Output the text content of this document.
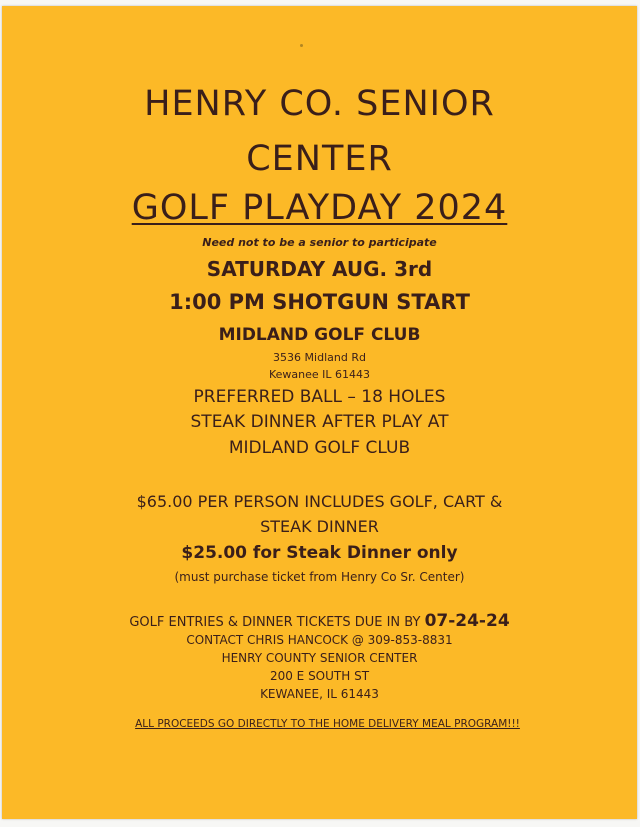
HENRY CO. SENIOR
CENTER
GOLF PLAYDAY 2024
Need not to be a senior to participate
SATURDAY AUG. 3rd
1:00 PM SHOTGUN START
MIDLAND GOLF CLUB
3536 Midland Rd
Kewanee IL 61443
PREFERRED BALL – 18 HOLES
STEAK DINNER AFTER PLAY AT
MIDLAND GOLF CLUB
$65.00 PER PERSON INCLUDES GOLF, CART &
STEAK DINNER
$25.00 for Steak Dinner only
(must purchase ticket from Henry Co Sr. Center)
GOLF ENTRIES & DINNER TICKETS DUE IN BY 07-24-24
CONTACT CHRIS HANCOCK @ 309-853-8831
HENRY COUNTY SENIOR CENTER
200 E SOUTH ST
KEWANEE, IL 61443
ALL PROCEEDS GO DIRECTLY TO THE HOME DELIVERY MEAL PROGRAM!!!
